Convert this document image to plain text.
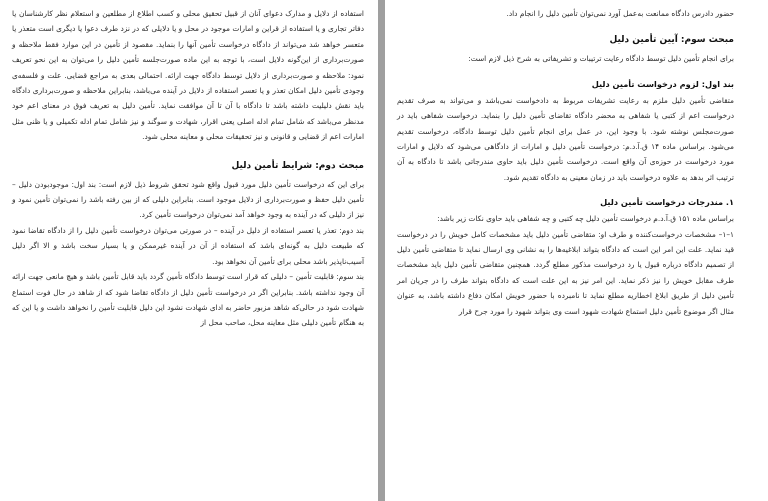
استفاده از دلایل و مدارک دعوای آنان از قبیل تحقیق محلی و کسب اطلاع از مطلعین و استعلام نظر کارشناسان یا دفاتر تجاری و یا استفاده از قراین و امارات موجود در محل و یا دلایلی که در نزد طرف دعوا یا دیگری است متعذر یا متعسر خواهد شد می‌تواند از دادگاه درخواست تأمین آنها را بنماید. مقصود از تأمین در این موارد فقط ملاحظه و صورت‌برداری از این‌گونه دلایل است، با توجه به این ماده صورت‌جلسه تأمین دلیل را می‌توان به این نحو تعریف نمود: ملاحظه و صورت‌برداری از دلایل توسط دادگاه جهت ارائه. احتمالی بعدی به مراجع قضایی. علت و فلسفه‌ی وجودی تأمین دلیل امکان تعذر و یا تعسر استفاده از دلایل در آینده می‌باشد، بنابراین ملاحظه و صورت‌برداری دادگاه باید نقش دلیلیت داشته باشد تا دادگاه با آن تا آن موافقت نماید. تأمین دلیل به تعریف فوق در معنای اعم خود مدنظر می‌باشد که شامل تمام ادله اصلی یعنی اقرار، شهادت و سوگند و نیز شامل تمام ادله تکمیلی و یا ظنی مثل امارات اعم از قضایی و قانونی و نیز تحقیقات محلی و معاینه محلی شود.

مبحث دوم: شرایط تأمین دلیل

برای این که درخواست تأمین دلیل مورد قبول واقع شود تحقق شروط ذیل لازم است: بند اول: موجودبودن دلیل – تأمین دلیل حفظ و صورت‌برداری از دلایل موجود است. بنابراین دلیلی که از بین رفته باشد را نمی‌توان تأمین نمود و نیز از دلیلی که در آینده به وجود خواهد آمد نمی‌توان درخواست تأمین کرد.

بند دوم: تعذر یا تعسر استفاده از دلیل در آینده – در صورتی می‌توان درخواست تأمین دلیل را از دادگاه تقاضا نمود که طبیعت دلیل به گونه‌ای باشد که استفاده از آن در آینده غیرممکن و یا بسیار سخت باشد و الا اگر دلیل آسیب‌ناپذیر باشد محلی برای تأمین آن نخواهد بود.

بند سوم: قابلیت تأمین – دلیلی که قرار است توسط دادگاه تأمین گردد باید قابل تأمین باشد و هیچ مانعی جهت ارائه آن وجود نداشته باشد. بنابراین اگر در درخواست تأمین دلیل از دادگاه تقاضا شود که از شاهد در حال فوت استماع شهادت شود در حالی‌که شاهد مزبور حاضر به ادای شهادت نشود این دلیل قابلیت تأمین را نخواهد داشت و یا این که به هنگام تأمین دلیلی مثل معاینه محل، صاحب محل از

حضور دادرس دادگاه ممانعت به‌عمل آورد نمی‌توان تأمین دلیل را انجام داد.

مبحث سوم: آیین تأمین دلیل

برای انجام تأمین دلیل توسط دادگاه رعایت ترتیبات و تشریفاتی به شرح ذیل لازم است:

بند اول: لزوم درخواست تأمین دلیل

متقاضی تأمین دلیل ملزم به رعایت تشریفات مربوط به دادخواست نمی‌باشد و می‌تواند به صرف تقدیم درخواست اعم از کتبی یا شفاهی به محضر دادگاه تقاضای تأمین دلیل را بنماید. درخواست شفاهی باید در صورت‌مجلس نوشته شود. با وجود این، در عمل برای انجام تأمین دلیل توسط دادگاه، درخواست تقدیم می‌شود. براساس ماده ۱۴ ق.آ.د.م: درخواست تأمین دلیل و امارات از دادگاهی می‌شود که دلایل و امارات مورد درخواست در حوزه‌ی آن واقع است. درخواست تأمین دلیل باید حاوی مندرجاتی باشد تا دادگاه به آن ترتیب اثر بدهد به علاوه درخواست باید در زمان معینی به دادگاه تقدیم شود.

۱. مندرجات درخواست تأمین دلیل

براساس ماده ۱۵۱ ق.آ.د.م درخواست تأمین دلیل چه کتبی و چه شفاهی باید حاوی نکات زیر باشد:

۱–۱– مشخصات درخواست‌کننده و طرف او: متقاضی تأمین دلیل باید مشخصات کامل خویش را در درخواست قید نماید. علت این امر این است که دادگاه بتواند ابلاغیه‌ها را به نشانی وی ارسال نماید تا متقاضی تأمین دلیل از تصمیم دادگاه درباره قبول یا رد درخواست مذکور مطلع گردد. همچنین متقاضی تأمین دلیل باید مشخصات طرف مقابل خویش را نیز ذکر نماید. این امر نیز به این علت است که دادگاه بتواند طرف را در جریان امر تأمین دلیل از طریق ابلاغ اخطاریه مطلع نماید تا نامبرده با حضور خویش امکان دفاع داشته باشد، به عنوان مثال اگر موضوع تأمین دلیل استماع شهادت شهود است وی بتواند شهود را مورد جرح قرار
